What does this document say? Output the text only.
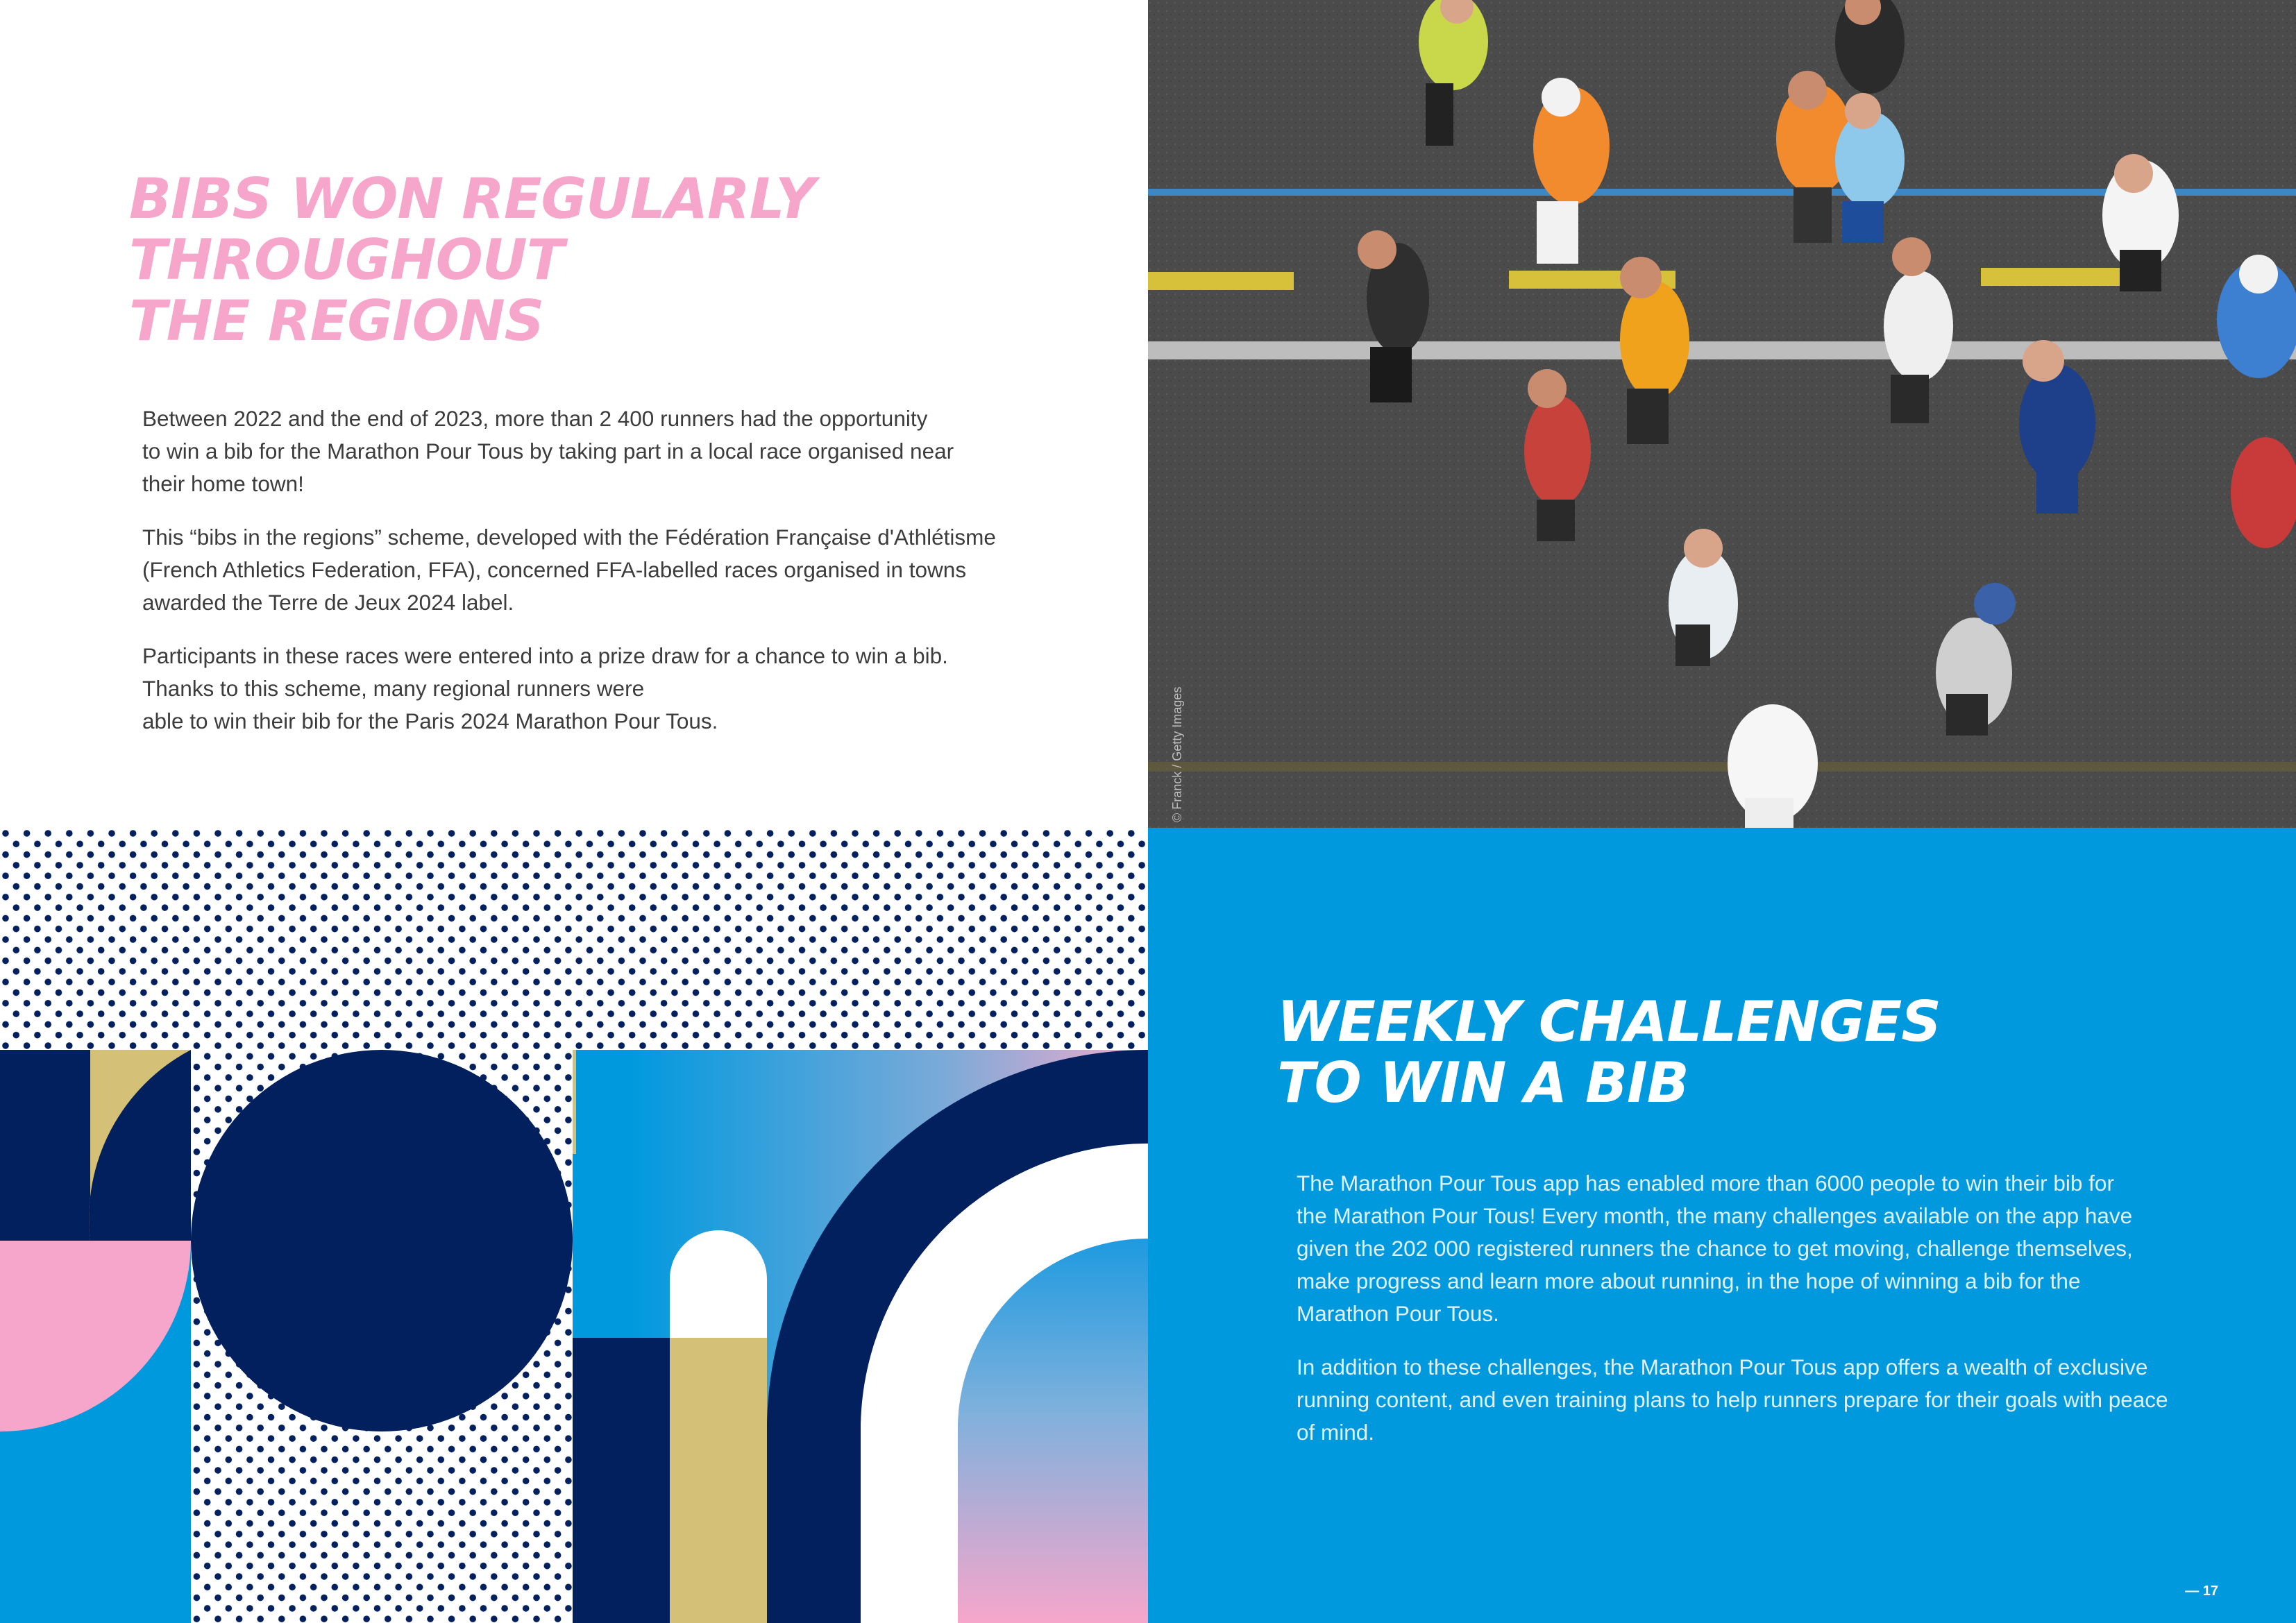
BIBS WON REGULARLY
THROUGHOUT
THE REGIONS

Between 2022 and the end of 2023, more than 2 400 runners had the opportunity
to win a bib for the Marathon Pour Tous by taking part in a local race organised near
their home town!

This “bibs in the regions” scheme, developed with the Fédération Française d'Athlétisme
(French Athletics Federation, FFA), concerned FFA-labelled races organised in towns
awarded the Terre de Jeux 2024 label.

Participants in these races were entered into a prize draw for a chance to win a bib.
Thanks to this scheme, many regional runners were
able to win their bib for the Paris 2024 Marathon Pour Tous.	© Franck / Getty Images
WEEKLY CHALLENGES
TO WIN A BIB

The Marathon Pour Tous app has enabled more than 6000 people to win their bib for
the Marathon Pour Tous! Every month, the many challenges available on the app have
given the 202 000 registered runners the chance to get moving, challenge themselves,
make progress and learn more about running, in the hope of winning a bib for the
Marathon Pour Tous.

In addition to these challenges, the Marathon Pour Tous app offers a wealth of exclusive
running content, and even training plans to help runners prepare for their goals with peace
of mind.

— 17
